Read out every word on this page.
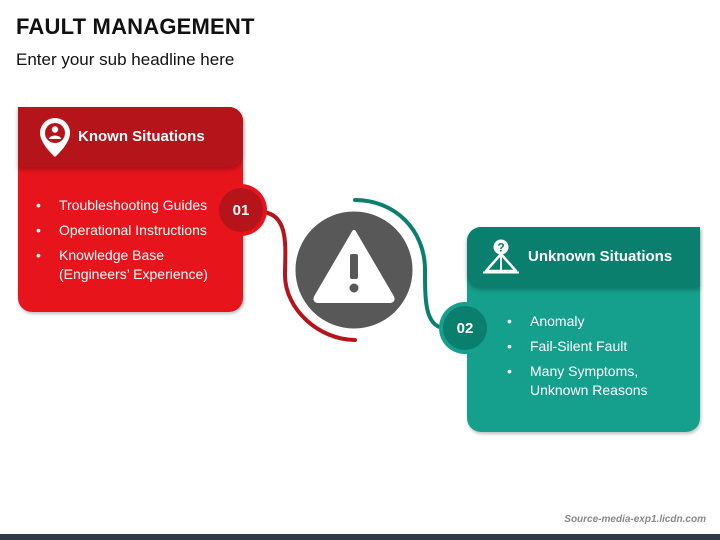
FAULT MANAGEMENT
Enter your sub headline here
Known Situations
• Troubleshooting Guides
• Operational Instructions
• Knowledge Base (Engineers’ Experience)
01
?
Unknown Situations
• Anomaly
• Fail-Silent Fault
• Many Symptoms, Unknown Reasons
02
Source-media-exp1.licdn.com
